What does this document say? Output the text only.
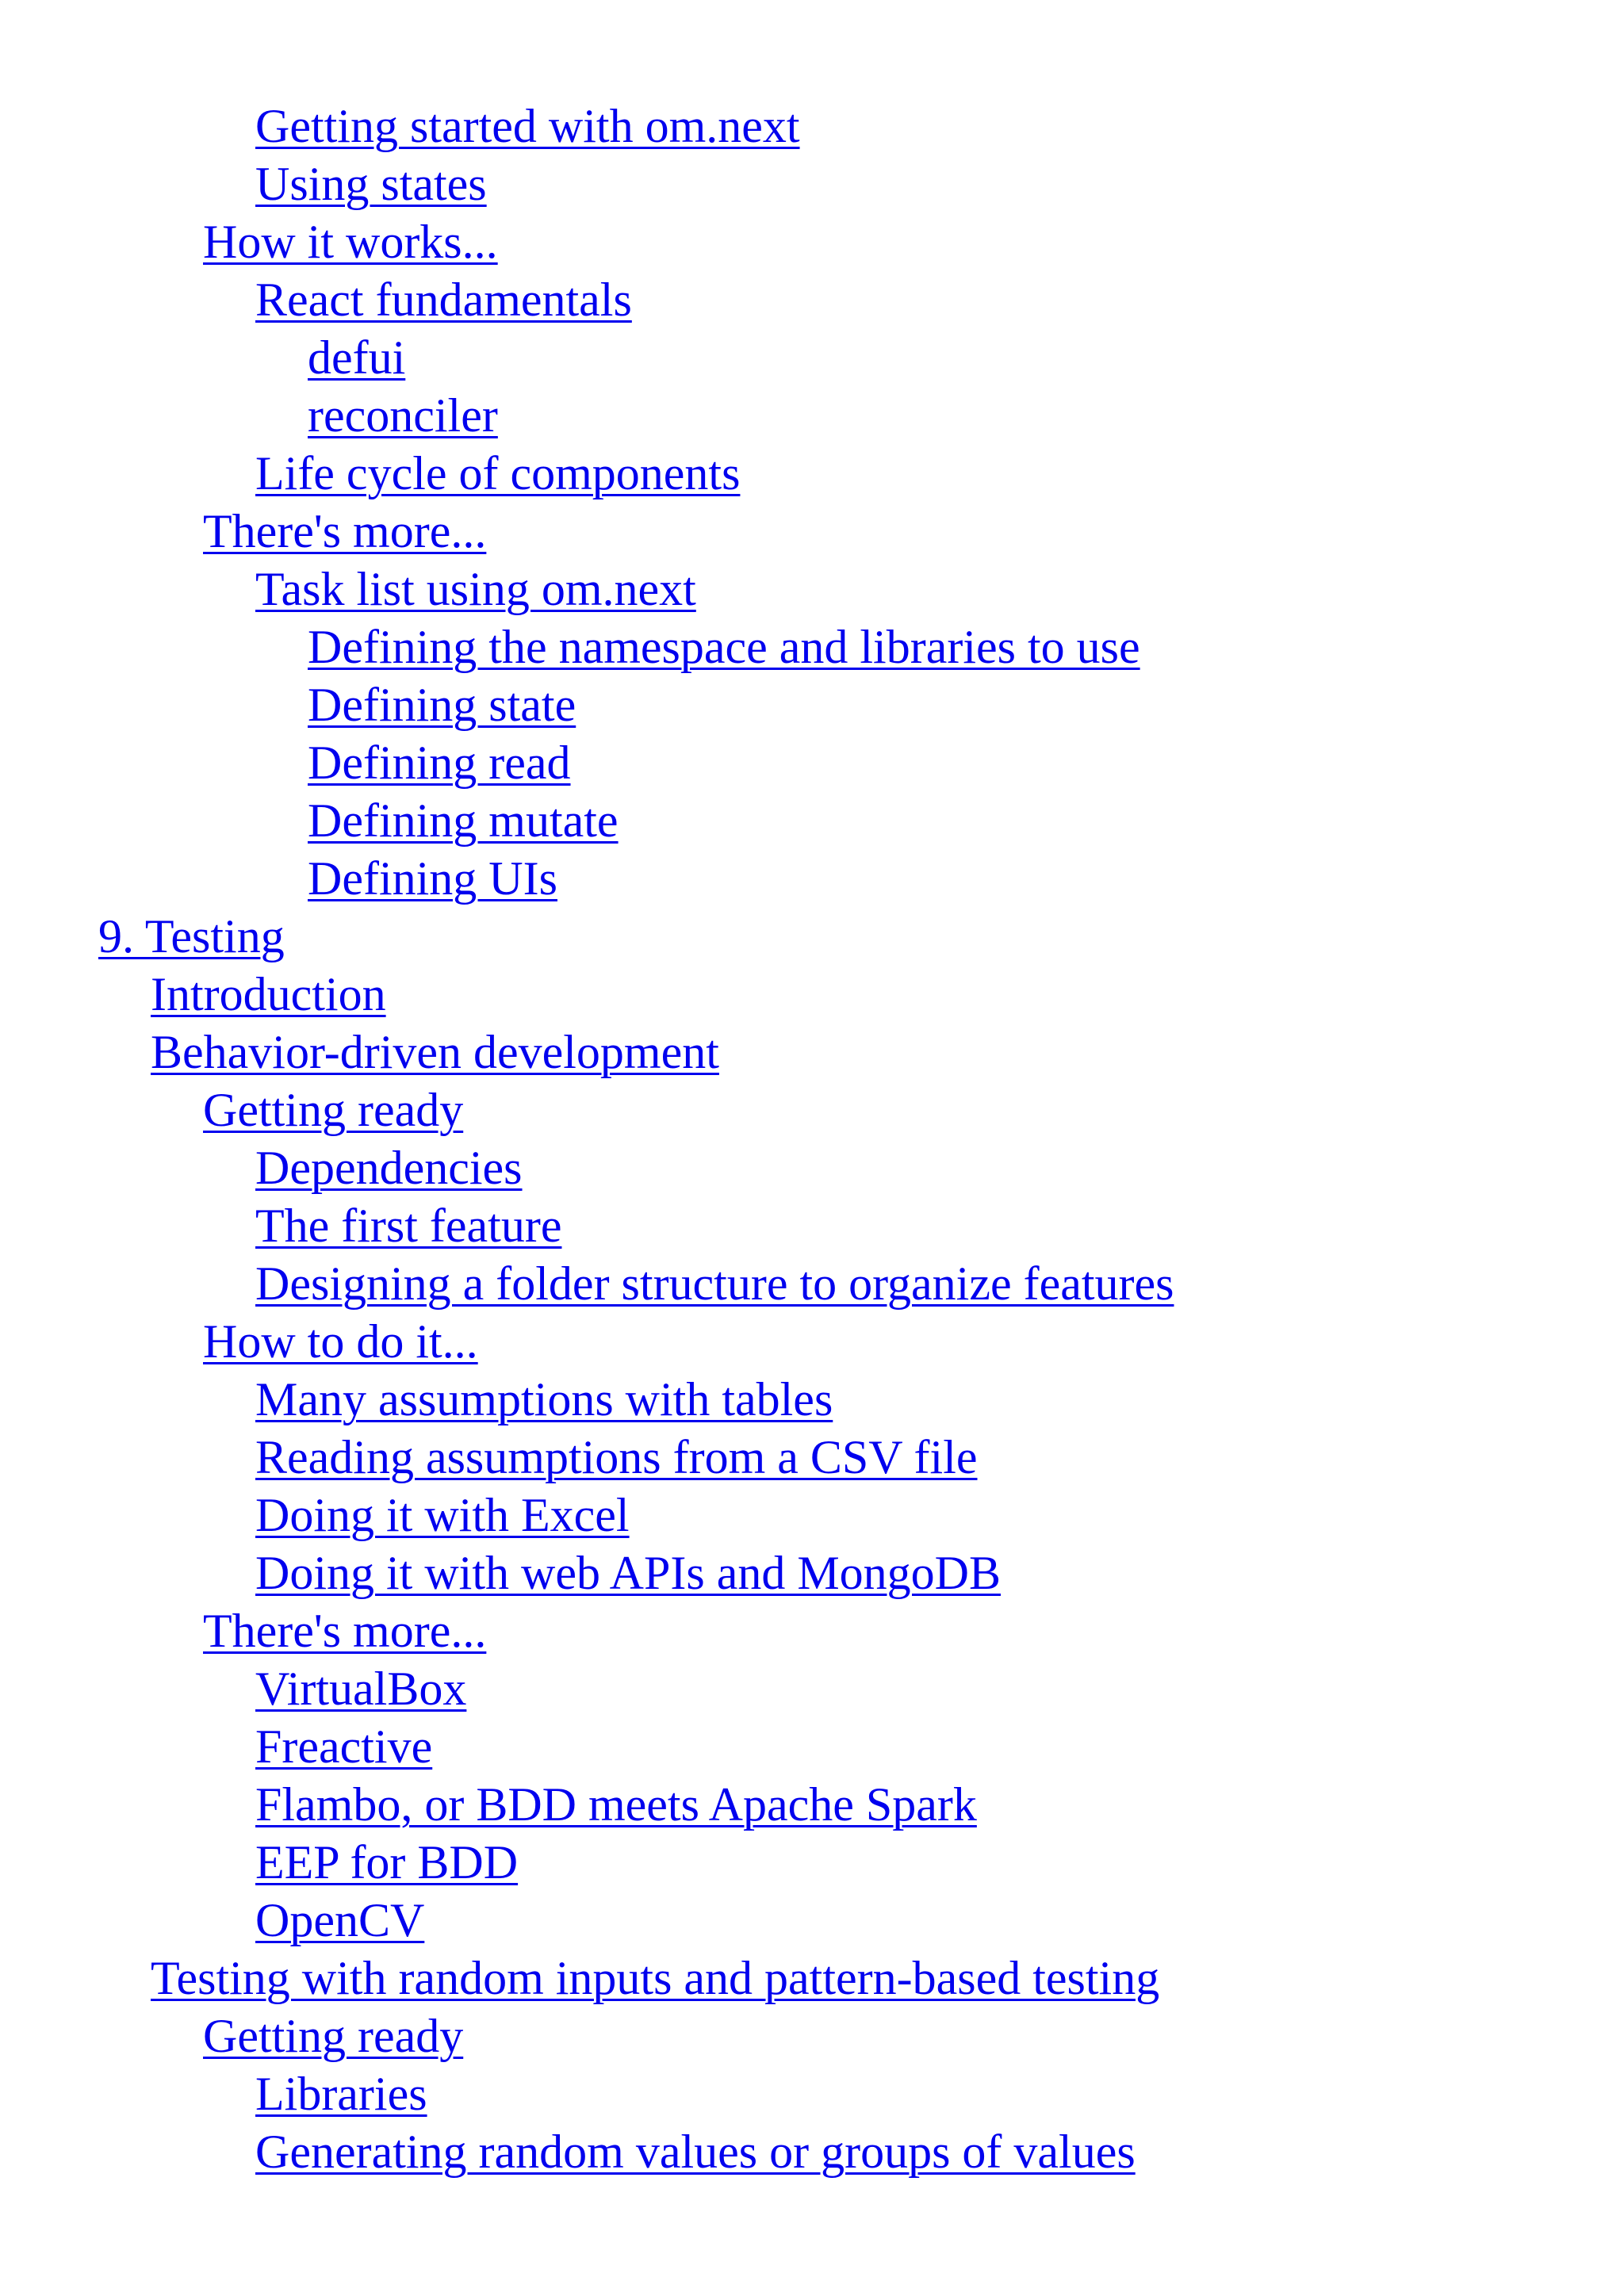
Getting started with om.next
Using states
How it works...
React fundamentals
defui
reconciler
Life cycle of components
There's more...
Task list using om.next
Defining the namespace and libraries to use
Defining state
Defining read
Defining mutate
Defining UIs
9. Testing
Introduction
Behavior-driven development
Getting ready
Dependencies
The first feature
Designing a folder structure to organize features
How to do it...
Many assumptions with tables
Reading assumptions from a CSV file
Doing it with Excel
Doing it with web APIs and MongoDB
There's more...
VirtualBox
Freactive
Flambo, or BDD meets Apache Spark
EEP for BDD
OpenCV
Testing with random inputs and pattern-based testing
Getting ready
Libraries
Generating random values or groups of values
